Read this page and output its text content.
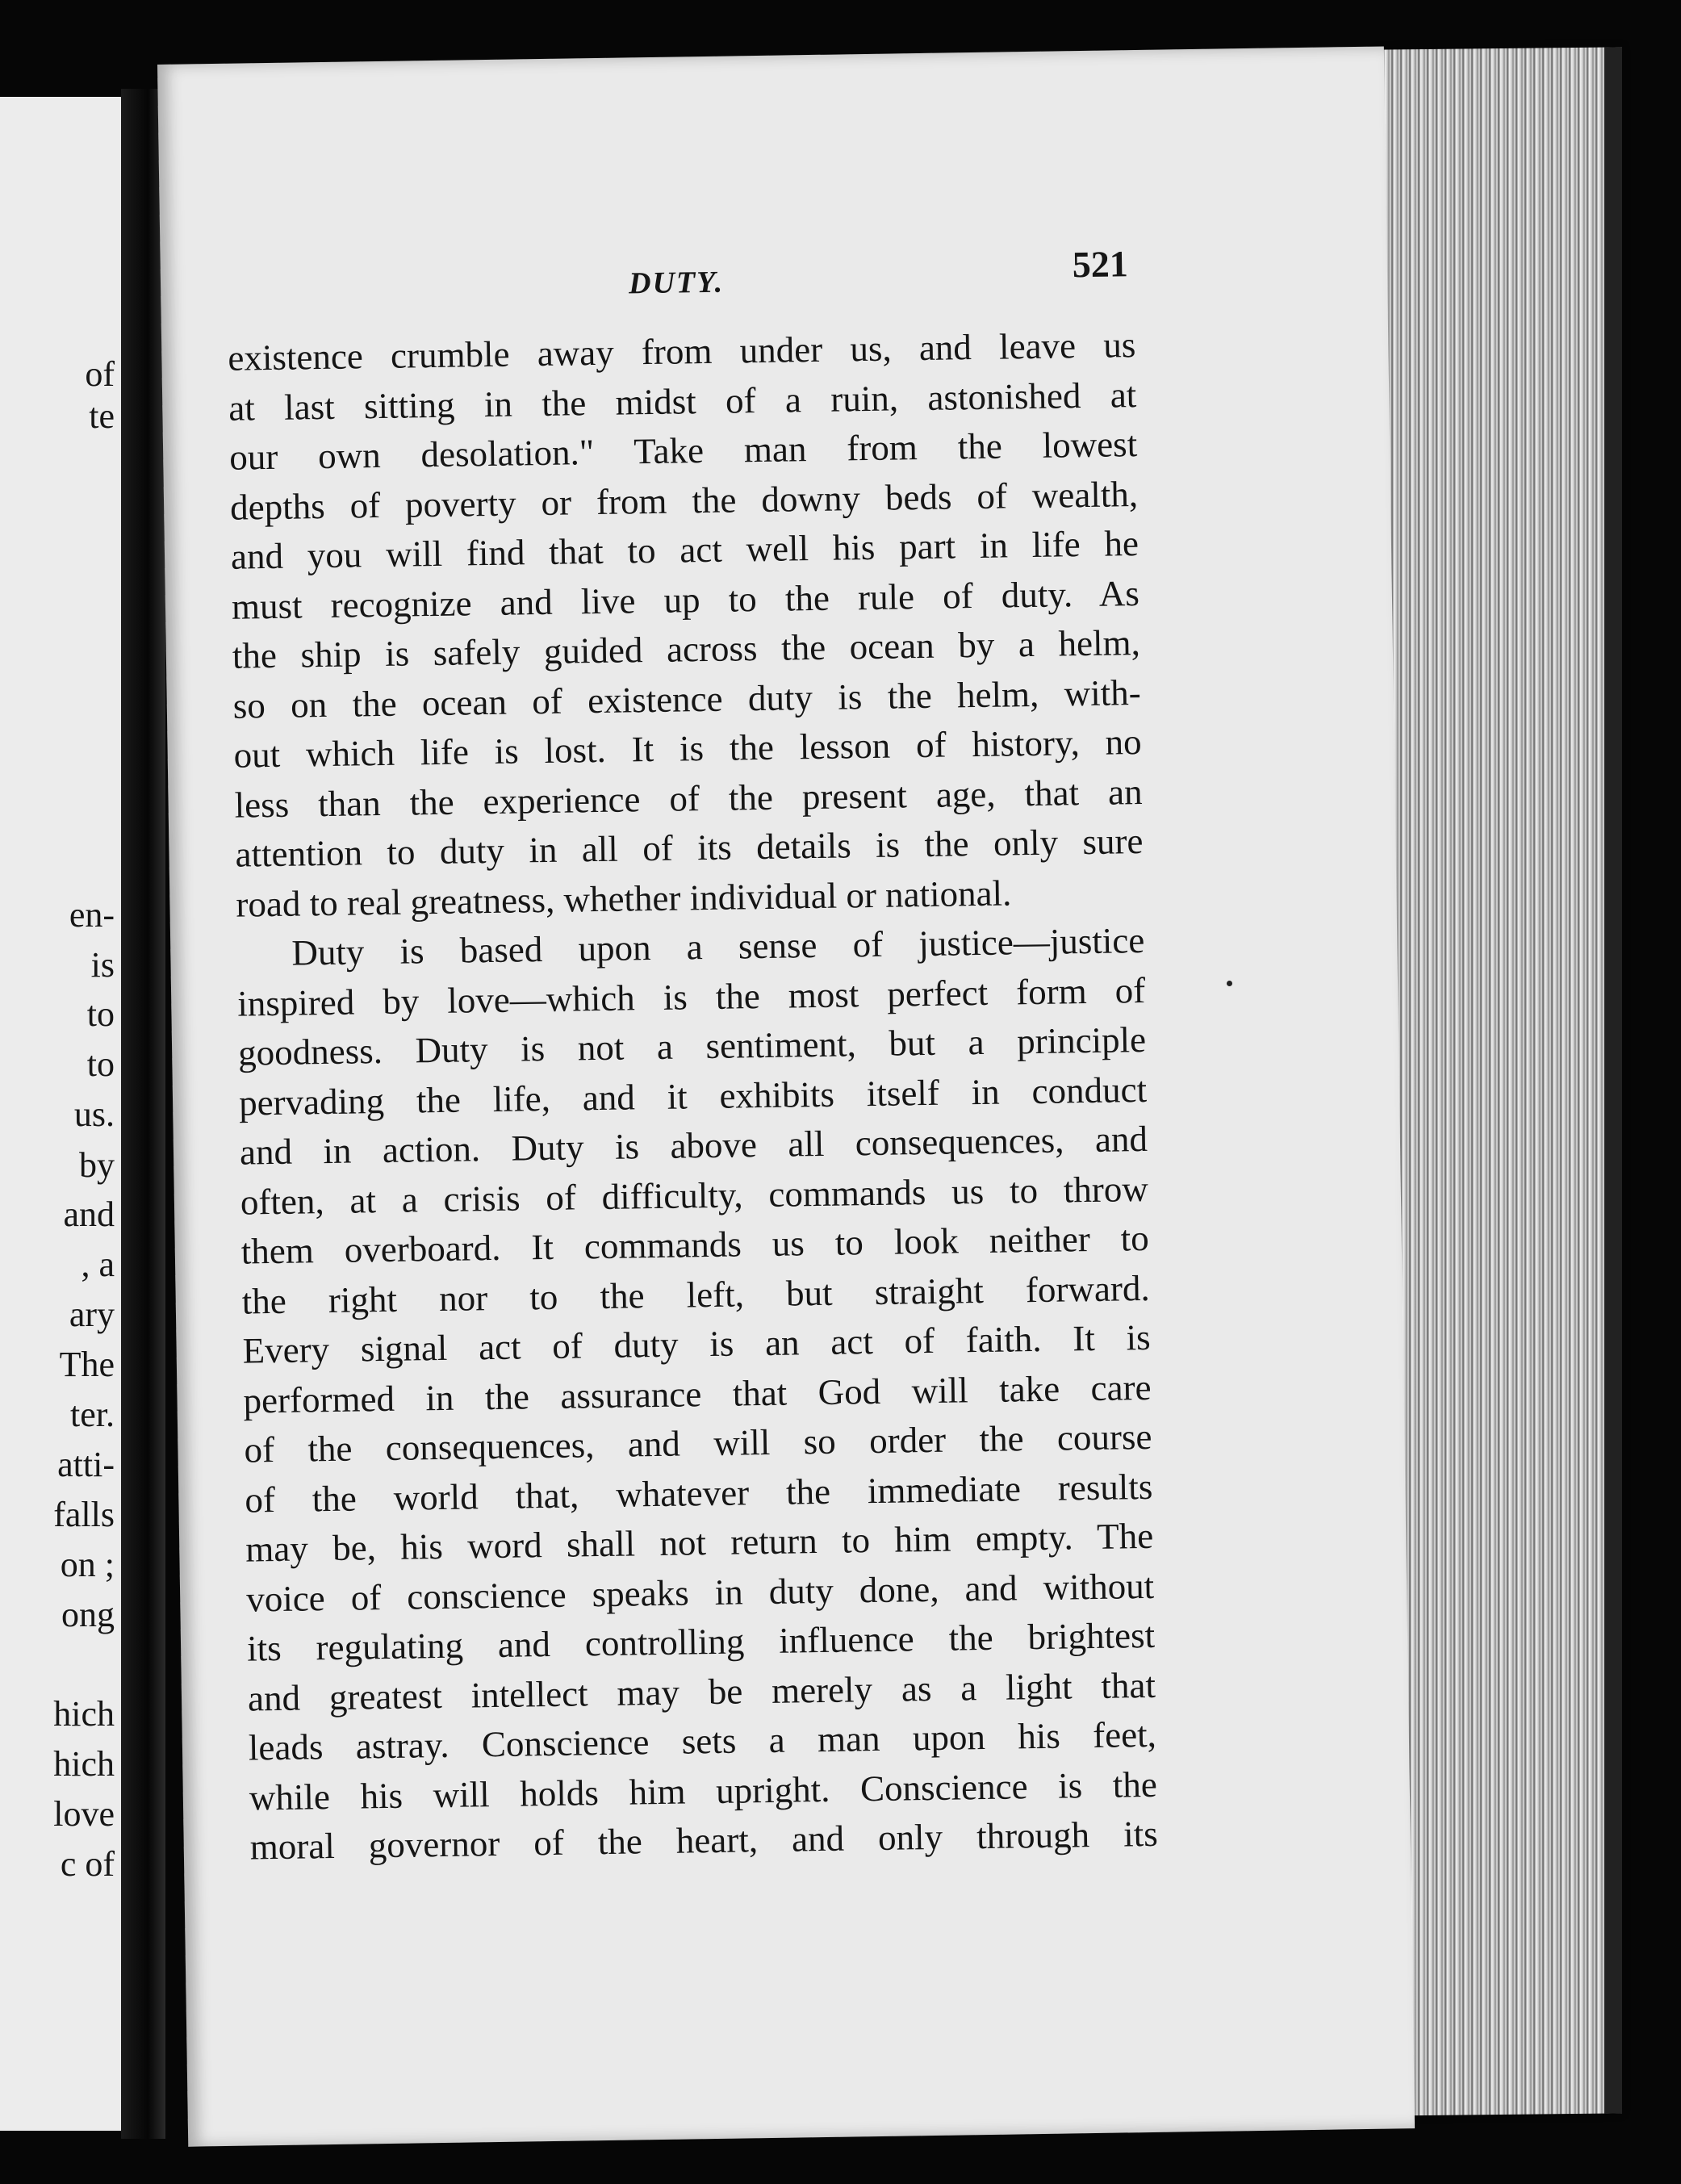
of
te
en-
is
to
to
us.
by
and
, a
ary
The
ter.
atti-
falls
on ;
ong
hich
hich
love
c of
DUTY.	521
existence crumble away from under us, and leave us
at last sitting in the midst of a ruin, astonished at
our own desolation." Take man from the lowest
depths of poverty or from the downy beds of wealth,
and you will find that to act well his part in life he
must recognize and live up to the rule of duty. As
the ship is safely guided across the ocean by a helm,
so on the ocean of existence duty is the helm, with-
out which life is lost. It is the lesson of history, no
less than the experience of the present age, that an
attention to duty in all of its details is the only sure
road to real greatness, whether individual or national.
Duty is based upon a sense of justice—justice
inspired by love—which is the most perfect form of
goodness. Duty is not a sentiment, but a principle
pervading the life, and it exhibits itself in conduct
and in action. Duty is above all consequences, and
often, at a crisis of difficulty, commands us to throw
them overboard. It commands us to look neither to
the right nor to the left, but straight forward.
Every signal act of duty is an act of faith. It is
performed in the assurance that God will take care
of the consequences, and will so order the course
of the world that, whatever the immediate results
may be, his word shall not return to him empty. The
voice of conscience speaks in duty done, and without
its regulating and controlling influence the brightest
and greatest intellect may be merely as a light that
leads astray. Conscience sets a man upon his feet,
while his will holds him upright. Conscience is the
moral governor of the heart, and only through its
